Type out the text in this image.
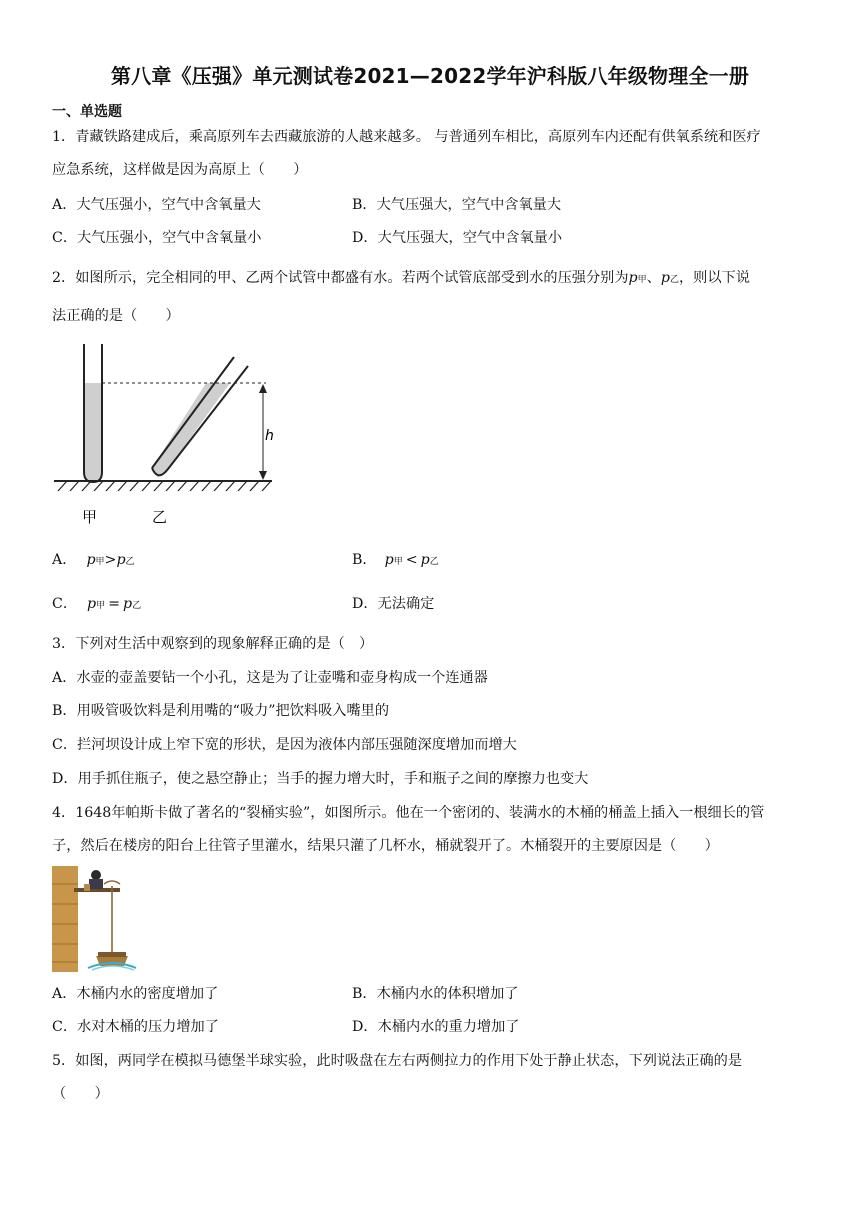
第八章《压强》单元测试卷2021—2022学年沪科版八年级物理全一册
一、单选题
1．青藏铁路建成后，乘高原列车去西藏旅游的人越来越多。 与普通列车相比，高原列车内还配有供氧系统和医疗
应急系统，这样做是因为高原上（　　）
A．大气压强小，空气中含氧量大	B．大气压强大，空气中含氧量大
C．大气压强小，空气中含氧量小	D．大气压强大，空气中含氧量小
2．如图所示，完全相同的甲、乙两个试管中都盛有水。若两个试管底部受到水的压强分别为p甲、p乙，则以下说
法正确的是（　　）
h
甲	乙
A． p甲>p乙	B． p甲 < p乙
C． p甲 = p乙	D．无法确定
3．下列对生活中观察到的现象解释正确的是（　）
A．水壶的壶盖要钻一个小孔，这是为了让壶嘴和壶身构成一个连通器
B．用吸管吸饮料是利用嘴的“吸力”把饮料吸入嘴里的
C．拦河坝设计成上窄下宽的形状，是因为液体内部压强随深度增加而增大
D．用手抓住瓶子，使之悬空静止；当手的握力增大时，手和瓶子之间的摩擦力也变大
4．1648年帕斯卡做了著名的“裂桶实验”，如图所示。他在一个密闭的、装满水的木桶的桶盖上插入一根细长的管
子，然后在楼房的阳台上往管子里灌水，结果只灌了几杯水，桶就裂开了。木桶裂开的主要原因是（　　）
A．木桶内水的密度增加了	B．木桶内水的体积增加了
C．水对木桶的压力增加了	D．木桶内水的重力增加了
5．如图，两同学在模拟马德堡半球实验，此时吸盘在左右两侧拉力的作用下处于静止状态，下列说法正确的是
（　　）
